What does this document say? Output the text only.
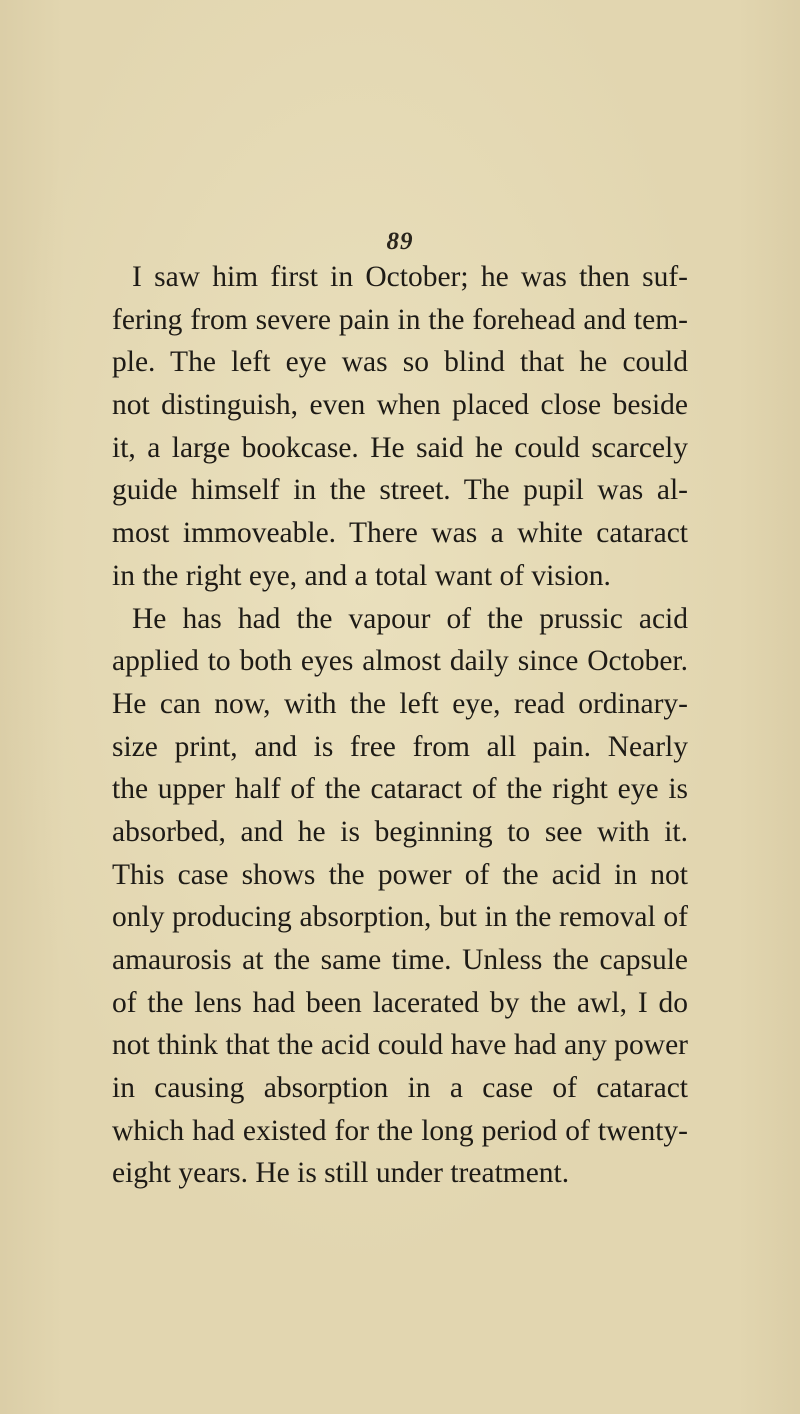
89
I saw him first in October; he was then suf-
fering from severe pain in the forehead and tem-
ple. The left eye was so blind that he could
not distinguish, even when placed close beside
it, a large bookcase. He said he could scarcely
guide himself in the street. The pupil was al-
most immoveable. There was a white cataract
in the right eye, and a total want of vision.
He has had the vapour of the prussic acid
applied to both eyes almost daily since October.
He can now, with the left eye, read ordinary-
size print, and is free from all pain. Nearly
the upper half of the cataract of the right eye is
absorbed, and he is beginning to see with it.
This case shows the power of the acid in not
only producing absorption, but in the removal of
amaurosis at the same time. Unless the capsule
of the lens had been lacerated by the awl, I do
not think that the acid could have had any power
in causing absorption in a case of cataract
which had existed for the long period of twenty-
eight years. He is still under treatment.
